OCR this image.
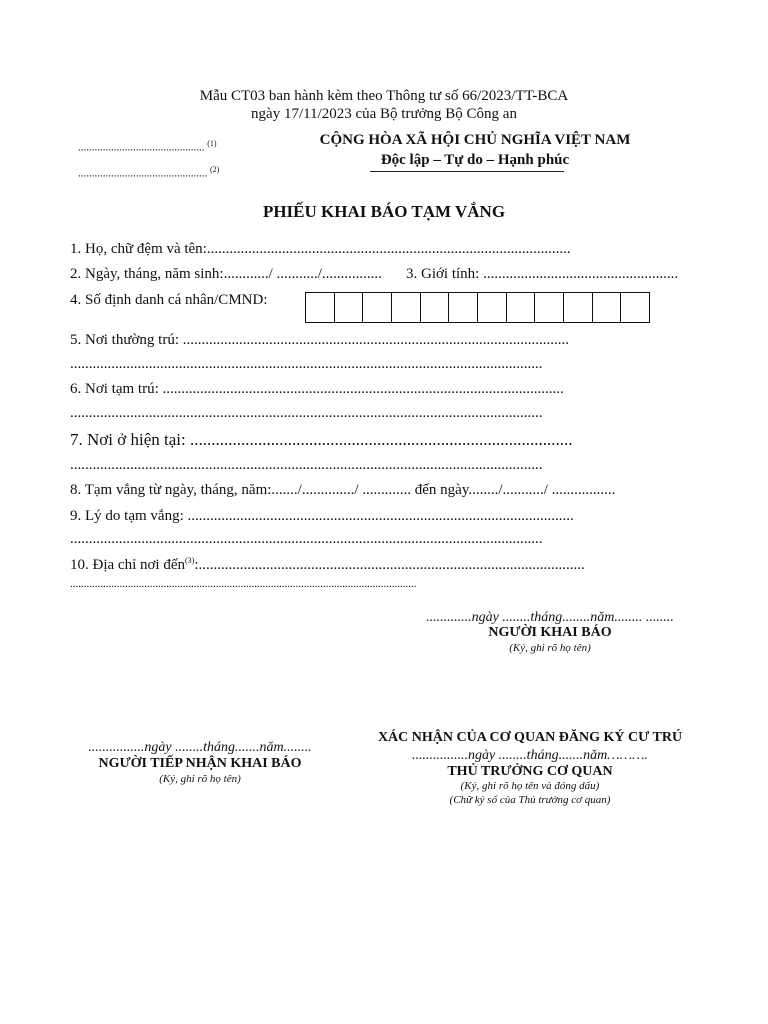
Mẫu CT03 ban hành kèm theo Thông tư số 66/2023/TT-BCA
ngày 17/11/2023 của Bộ trưởng Bộ Công an
.............................................. $^{(1)}$
............................................... $^{(2)}$
CỘNG HÒA XÃ HỘI CHỦ NGHĨA VIỆT NAM
Độc lập – Tự do – Hạnh phúc
PHIẾU KHAI BÁO TẠM VẮNG
1. Họ, chữ đệm và tên:.................................................................................................
2. Ngày, tháng, năm sinh:............/ .........../................ 3. Giới tính: ....................................................
4. Số định danh cá nhân/CMND:
5. Nơi thường trú: .......................................................................................................
..............................................................................................................................
6. Nơi tạm trú: ...........................................................................................................
..............................................................................................................................
7. Nơi ở hiện tại: ..........................................................................................
..............................................................................................................................
8. Tạm vắng từ ngày, tháng, năm:......./............../ ............. đến ngày......../.........../ .................
9. Lý do tạm vắng: .......................................................................................................
..............................................................................................................................
10. Địa chỉ nơi đến$^{(3)}$:.......................................................................................................
..............................................................................................................................
.............ngày ........tháng........năm........ ........
NGƯỜI KHAI BÁO
(Ký, ghi rõ họ tên)
XÁC NHẬN CỦA CƠ QUAN ĐĂNG KÝ CƯ TRÚ
................ngày ........tháng.......năm........
NGƯỜI TIẾP NHẬN KHAI BÁO
(Ký, ghi rõ họ tên)
................ngày ........tháng.......năm……….
THỦ TRƯỞNG CƠ QUAN
(Ký, ghi rõ họ tên và đóng dấu)
(Chữ ký số của Thủ trưởng cơ quan)
